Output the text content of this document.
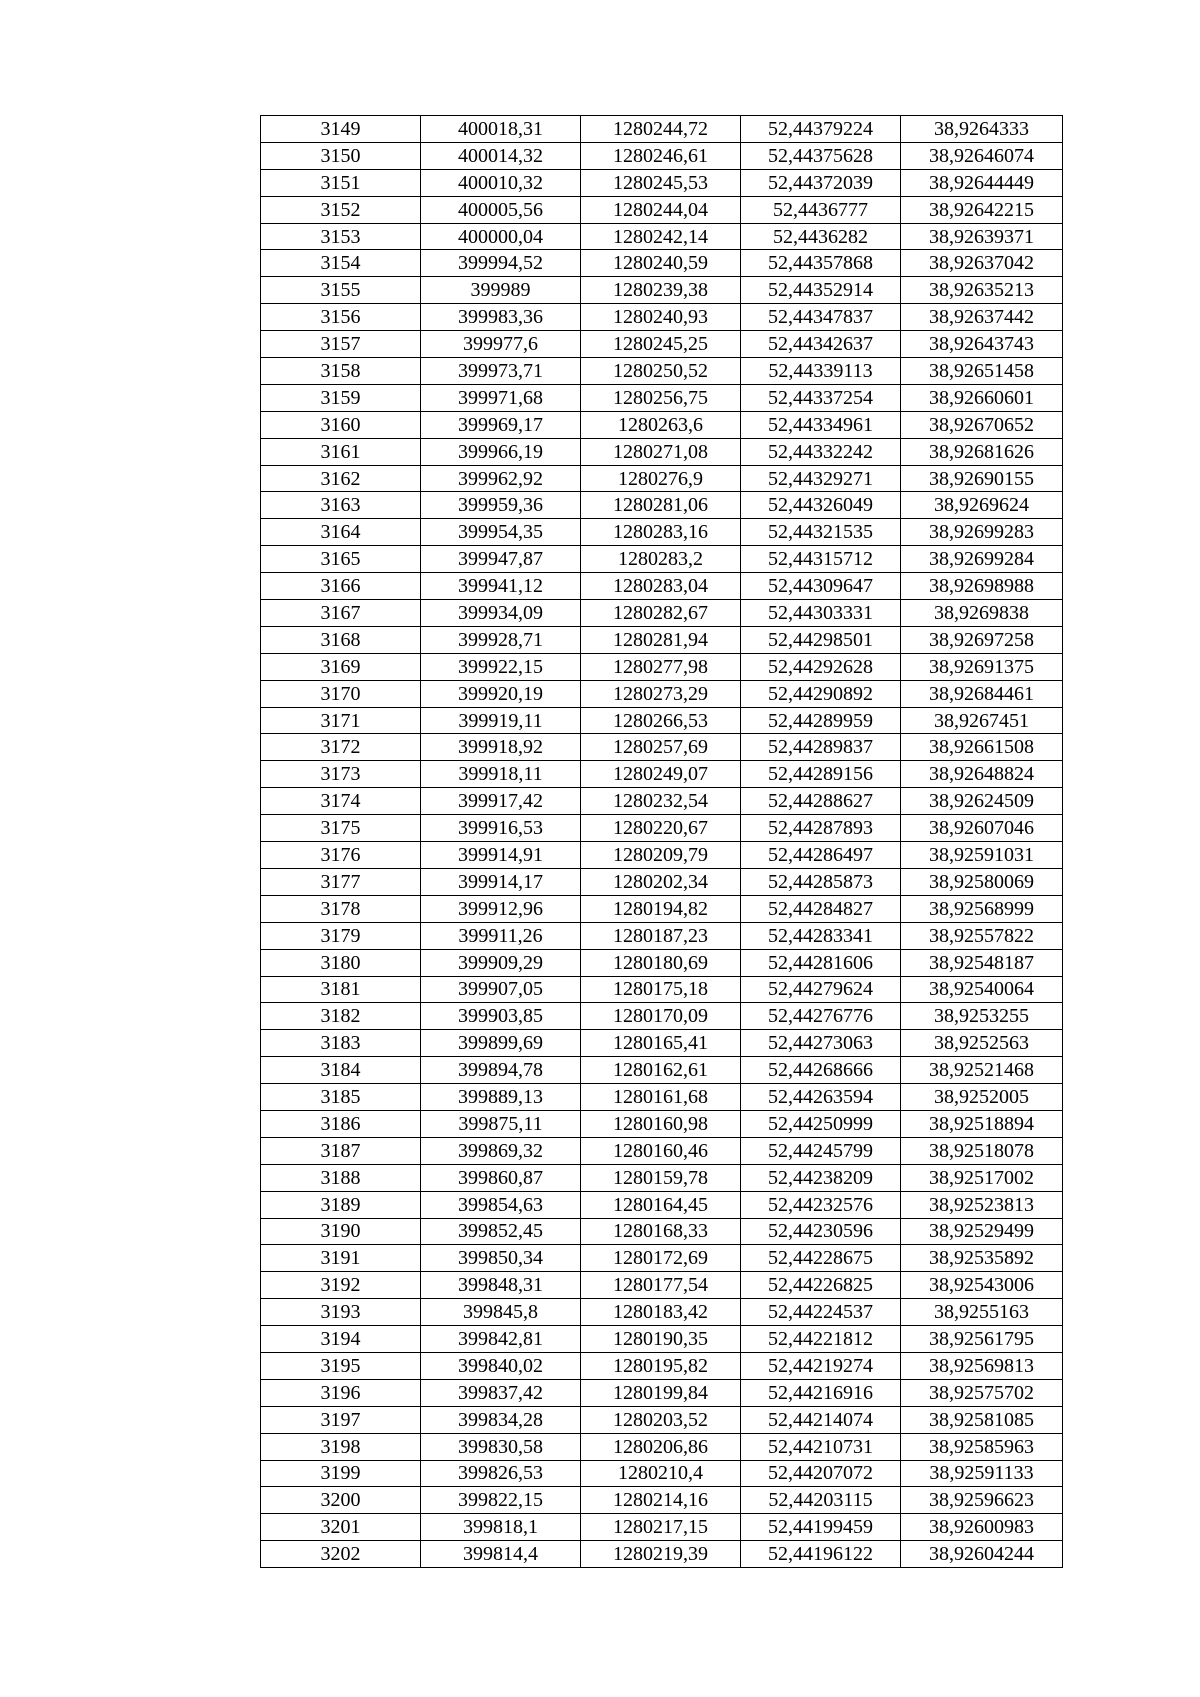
3149	400018,31	1280244,72	52,44379224	38,9264333
3150	400014,32	1280246,61	52,44375628	38,92646074
3151	400010,32	1280245,53	52,44372039	38,92644449
3152	400005,56	1280244,04	52,4436777	38,92642215
3153	400000,04	1280242,14	52,4436282	38,92639371
3154	399994,52	1280240,59	52,44357868	38,92637042
3155	399989	1280239,38	52,44352914	38,92635213
3156	399983,36	1280240,93	52,44347837	38,92637442
3157	399977,6	1280245,25	52,44342637	38,92643743
3158	399973,71	1280250,52	52,44339113	38,92651458
3159	399971,68	1280256,75	52,44337254	38,92660601
3160	399969,17	1280263,6	52,44334961	38,92670652
3161	399966,19	1280271,08	52,44332242	38,92681626
3162	399962,92	1280276,9	52,44329271	38,92690155
3163	399959,36	1280281,06	52,44326049	38,9269624
3164	399954,35	1280283,16	52,44321535	38,92699283
3165	399947,87	1280283,2	52,44315712	38,92699284
3166	399941,12	1280283,04	52,44309647	38,92698988
3167	399934,09	1280282,67	52,44303331	38,9269838
3168	399928,71	1280281,94	52,44298501	38,92697258
3169	399922,15	1280277,98	52,44292628	38,92691375
3170	399920,19	1280273,29	52,44290892	38,92684461
3171	399919,11	1280266,53	52,44289959	38,9267451
3172	399918,92	1280257,69	52,44289837	38,92661508
3173	399918,11	1280249,07	52,44289156	38,92648824
3174	399917,42	1280232,54	52,44288627	38,92624509
3175	399916,53	1280220,67	52,44287893	38,92607046
3176	399914,91	1280209,79	52,44286497	38,92591031
3177	399914,17	1280202,34	52,44285873	38,92580069
3178	399912,96	1280194,82	52,44284827	38,92568999
3179	399911,26	1280187,23	52,44283341	38,92557822
3180	399909,29	1280180,69	52,44281606	38,92548187
3181	399907,05	1280175,18	52,44279624	38,92540064
3182	399903,85	1280170,09	52,44276776	38,9253255
3183	399899,69	1280165,41	52,44273063	38,9252563
3184	399894,78	1280162,61	52,44268666	38,92521468
3185	399889,13	1280161,68	52,44263594	38,9252005
3186	399875,11	1280160,98	52,44250999	38,92518894
3187	399869,32	1280160,46	52,44245799	38,92518078
3188	399860,87	1280159,78	52,44238209	38,92517002
3189	399854,63	1280164,45	52,44232576	38,92523813
3190	399852,45	1280168,33	52,44230596	38,92529499
3191	399850,34	1280172,69	52,44228675	38,92535892
3192	399848,31	1280177,54	52,44226825	38,92543006
3193	399845,8	1280183,42	52,44224537	38,9255163
3194	399842,81	1280190,35	52,44221812	38,92561795
3195	399840,02	1280195,82	52,44219274	38,92569813
3196	399837,42	1280199,84	52,44216916	38,92575702
3197	399834,28	1280203,52	52,44214074	38,92581085
3198	399830,58	1280206,86	52,44210731	38,92585963
3199	399826,53	1280210,4	52,44207072	38,92591133
3200	399822,15	1280214,16	52,44203115	38,92596623
3201	399818,1	1280217,15	52,44199459	38,92600983
3202	399814,4	1280219,39	52,44196122	38,92604244
